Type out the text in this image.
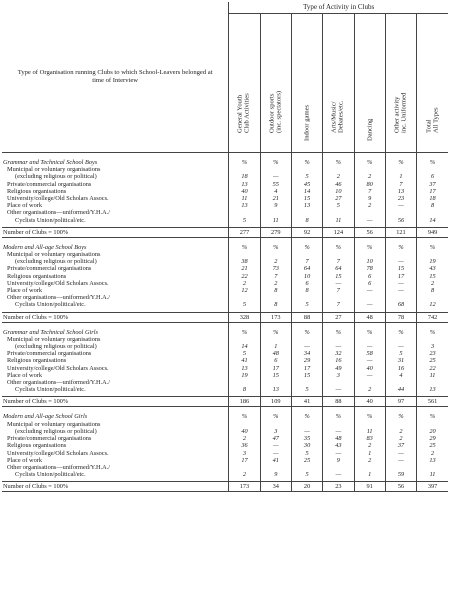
Type of Organisation running Clubs to which School-Leavers belonged at time of Interview	Type of Activity in Clubs						

	General Youth Club Activities	Outdoor sports (inc. spectators)	Indoor games	Arts/Music/ Debates/etc.	Dancing	Other activity inc. Uniformed	Total All Types

Grammar and Technical School Boys	%	%	%	%	%	%	%

Municipal or voluntary organisations
(excluding religious or political)	18	—	5	2	2	1	6

Private/commercial organisations	13	55	45	46	80	7	37

Religious organisations	40	4	14	10	7	13	17

University/college/Old Scholars Assocs.	11	21	15	27	9	23	18

Place of work	13	9	13	5	2	—	8

Other organisations—uniformed/Y.H.A./
Cyclists Union/political/etc.	5	11	8	11	—	56	14

Number of Clubs = 100%	277	279	92	124	56	121	949
Modern and All-age School Boys	%	%	%	%	%	%	%

Municipal or voluntary organisations
(excluding religious or political)	38	2	7	7	10	—	19

Private/commercial organisations	21	73	64	64	78	15	43

Religious organisations	22	7	10	15	6	17	15

University/college/Old Scholars Assocs.	2	2	6	—	6	—	2

Place of work	12	8	8	7	—	—	8

Other organisations—uniformed/Y.H.A./
Cyclists Union/political/etc.	5	8	5	7	—	68	12

Number of Clubs = 100%	328	173	88	27	48	78	742
Grammar and Technical School Girls	%	%	%	%	%	%	%

Municipal or voluntary organisations
(excluding religious or political)	14	1	—	—	—	—	3

Private/commercial organisations	5	48	34	32	58	5	23

Religious organisations	41	6	29	16	—	31	25

University/college/Old Scholars Assocs.	13	17	17	49	40	16	22

Place of work	19	15	15	3	—	4	11

Other organisations—uniformed/Y.H.A./
Cyclists Union/political/etc.	8	13	5	—	2	44	13

Number of Clubs = 100%	186	109	41	88	40	97	561
Modern and All-age School Girls	%	%	%	%	%	%	%

Municipal or voluntary organisations
(excluding religious or political)	40	3	—	—	11	2	20

Private/commercial organisations	2	47	35	48	83	2	29

Religious organisations	36	—	30	43	2	37	25

University/college/Old Scholars Assocs.	3	—	5	—	1	—	2

Place of work	17	41	25	9	2	—	13

Other organisations—uniformed/Y.H.A./
Cyclists Union/political/etc.	2	9	5	—	1	59	11

Number of Clubs = 100%	173	34	20	23	91	56	397
